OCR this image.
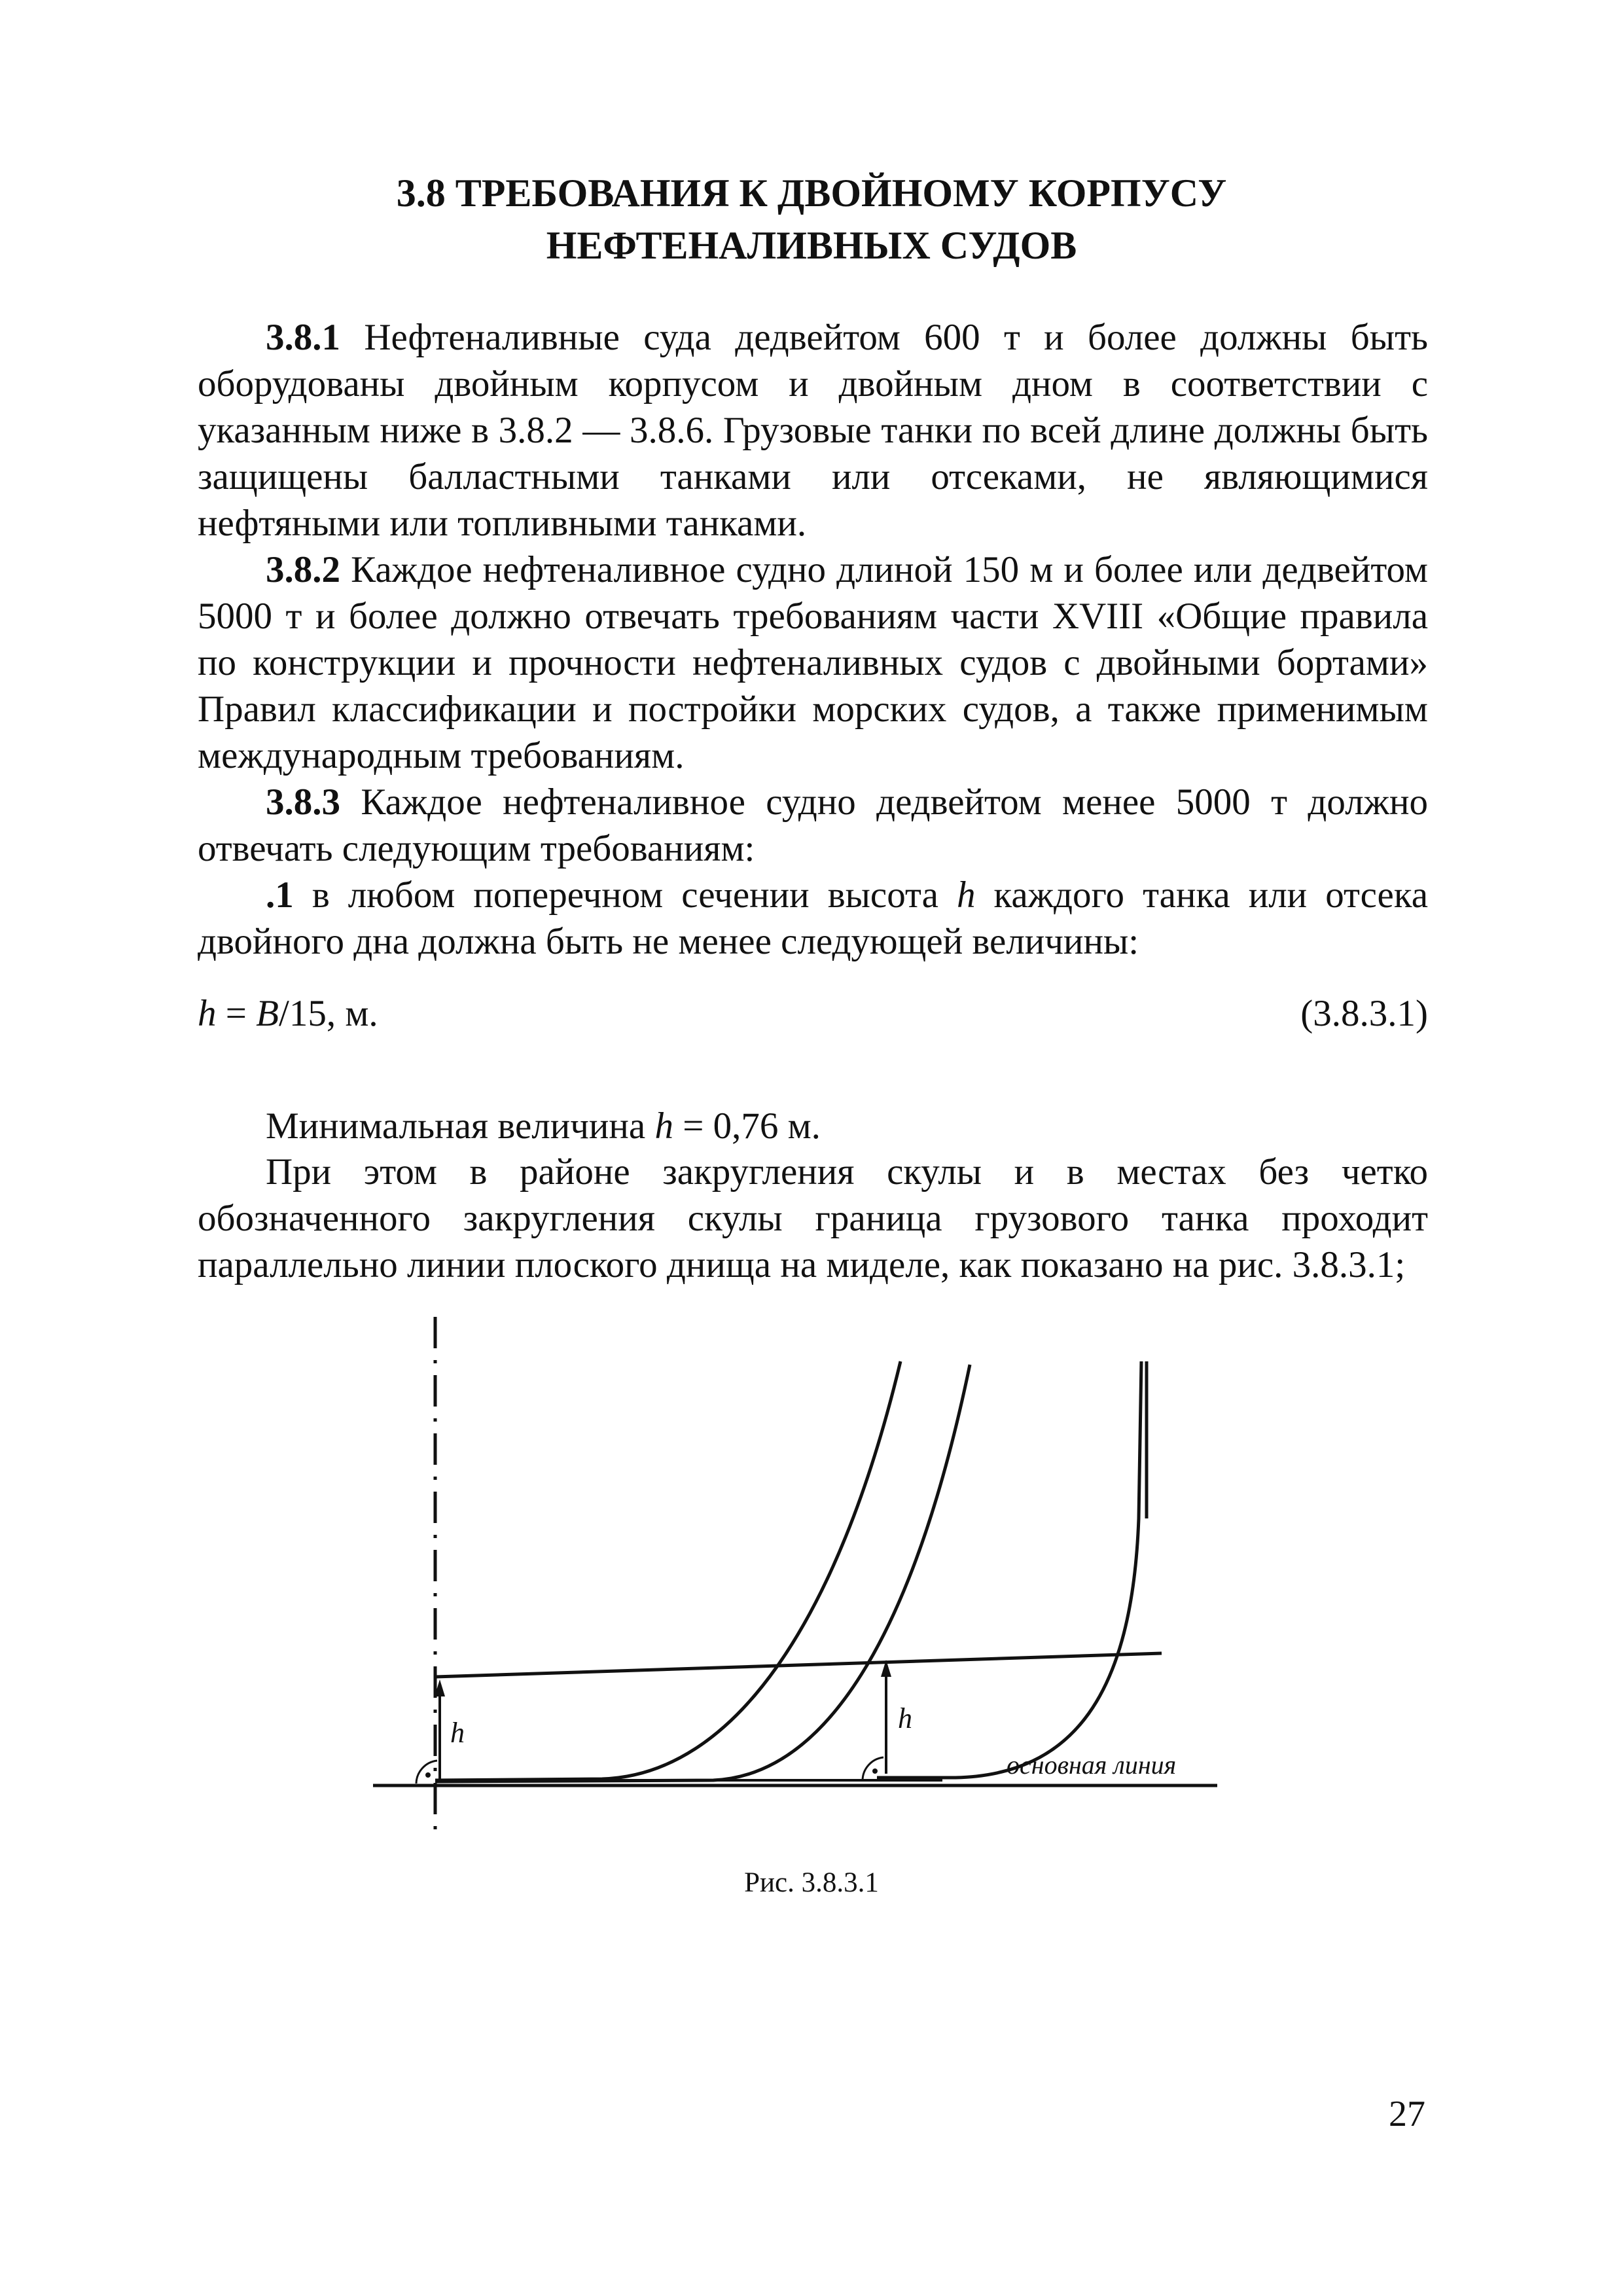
3.8 ТРЕБОВАНИЯ К ДВОЙНОМУ КОРПУСУ
НЕФТЕНАЛИВНЫХ СУДОВ

3.8.1 Нефтеналивные суда дедвейтом 600 т и более должны быть оборудованы двойным корпусом и двойным дном в соответствии с указанным ниже в 3.8.2 — 3.8.6. Грузовые танки по всей длине должны быть защищены балластными танками или отсеками, не являющимися нефтяными или топливными танками.

3.8.2 Каждое нефтеналивное судно длиной 150 м и более или дедвейтом 5000 т и более должно отвечать требованиям части XVIII «Общие правила по конструкции и прочности нефтеналивных судов с двойными бортами» Правил классификации и постройки морских судов, а также применимым международным требованиям.

3.8.3 Каждое нефтеналивное судно дедвейтом менее 5000 т должно отвечать следующим требованиям:

.1 в любом поперечном сечении высота h каждого танка или отсека двойного дна должна быть не менее следующей величины:

h = B/15, м.	(3.8.3.1)

Минимальная величина h = 0,76 м.

При этом в районе закругления скулы и в местах без четко обозначенного закругления скулы граница грузового танка проходит параллельно линии плоского днища на миделе, как показано на рис. 3.8.3.1;

h	h
основная линия
Рис. 3.8.3.1
27
